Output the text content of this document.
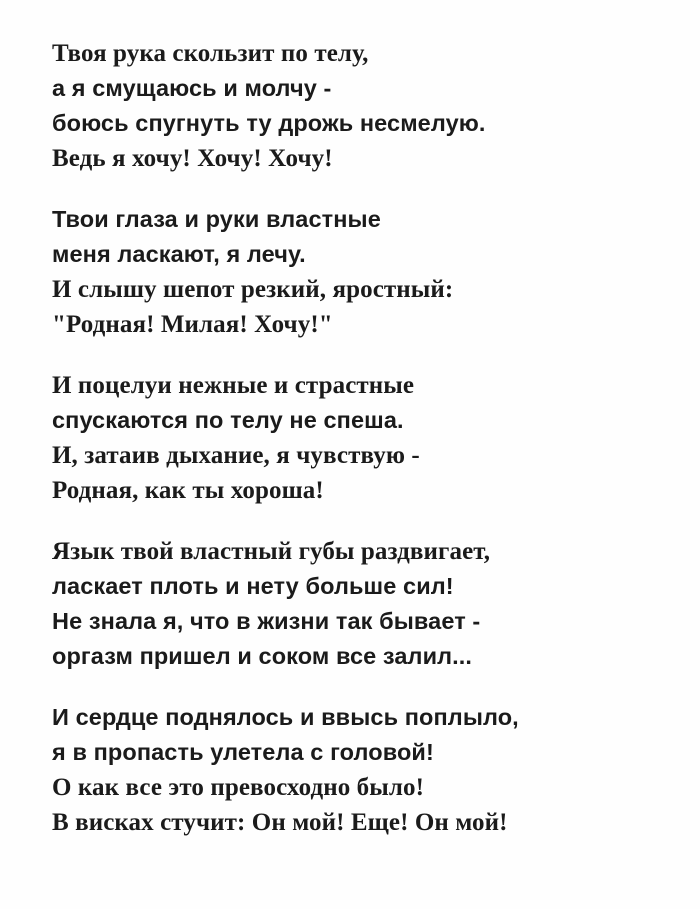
Твоя рука скользит по телу,
а я смущаюсь и молчу -
боюсь спугнуть ту дрожь несмелую.
Ведь я хочу! Хочу! Хочу!
Твои глаза и руки властные
меня ласкают, я лечу.
И слышу шепот резкий, яростный:
"Родная! Милая! Хочу!"
И поцелуи нежные и страстные
спускаются по телу не спеша.
И, затаив дыхание, я чувствую -
Родная, как ты хороша!
Язык твой властный губы раздвигает,
ласкает плоть и нету больше сил!
Не знала я, что в жизни так бывает -
оргазм пришел и соком все залил...
И сердце поднялось и ввысь поплыло,
я в пропасть улетела с головой!
О как все это превосходно было!
В висках стучит: Он мой! Еще! Он мой!
